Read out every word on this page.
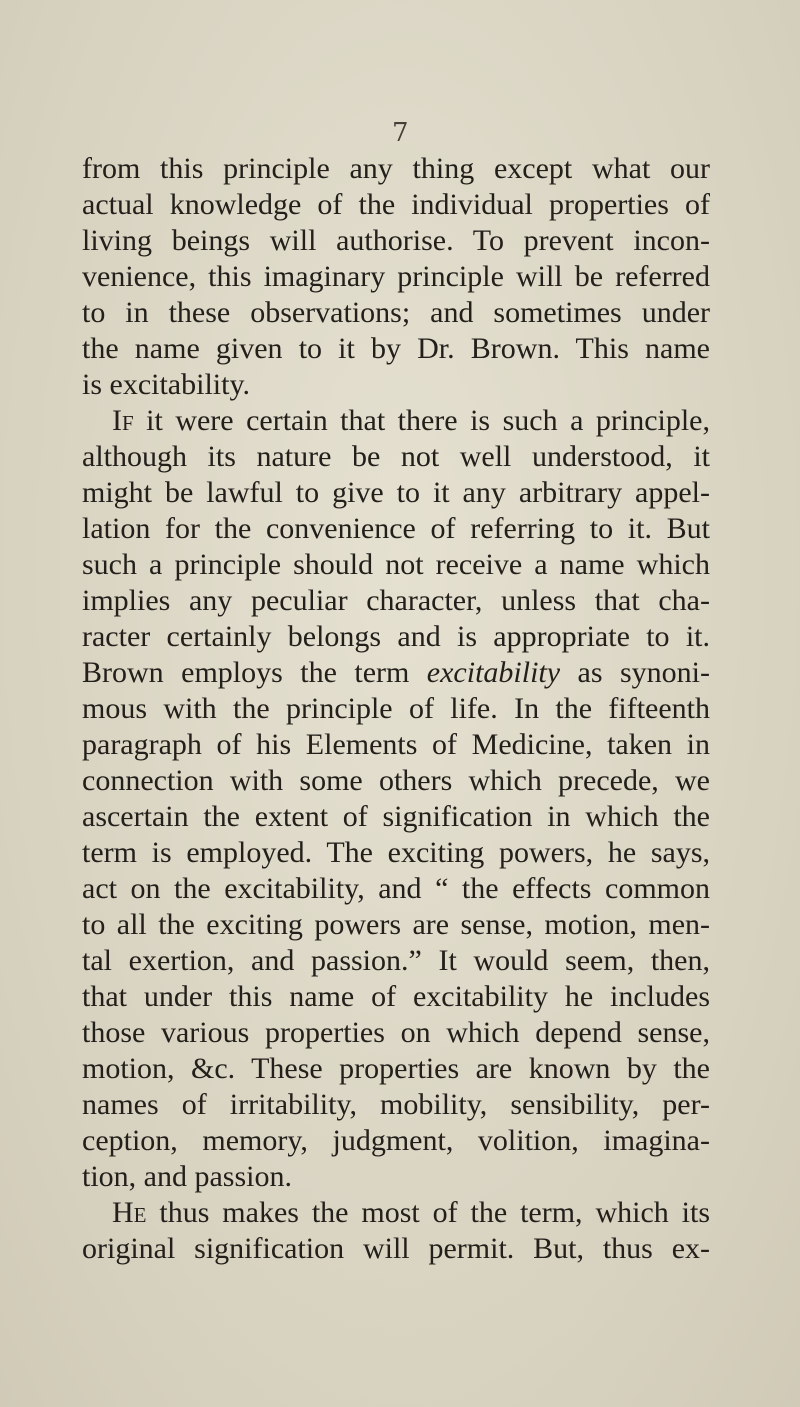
7
from this principle any thing except what our
actual knowledge of the individual properties of
living beings will authorise. To prevent incon-
venience, this imaginary principle will be referred
to in these observations; and sometimes under
the name given to it by Dr. Brown. This name
is excitability.
If it were certain that there is such a principle,
although its nature be not well understood, it
might be lawful to give to it any arbitrary appel-
lation for the convenience of referring to it. But
such a principle should not receive a name which
implies any peculiar character, unless that cha-
racter certainly belongs and is appropriate to it.
Brown employs the term excitability as synoni-
mous with the principle of life. In the fifteenth
paragraph of his Elements of Medicine, taken in
connection with some others which precede, we
ascertain the extent of signification in which the
term is employed. The exciting powers, he says,
act on the excitability, and “ the effects common
to all the exciting powers are sense, motion, men-
tal exertion, and passion.” It would seem, then,
that under this name of excitability he includes
those various properties on which depend sense,
motion, &c. These properties are known by the
names of irritability, mobility, sensibility, per-
ception, memory, judgment, volition, imagina-
tion, and passion.
He thus makes the most of the term, which its
original signification will permit. But, thus ex-
